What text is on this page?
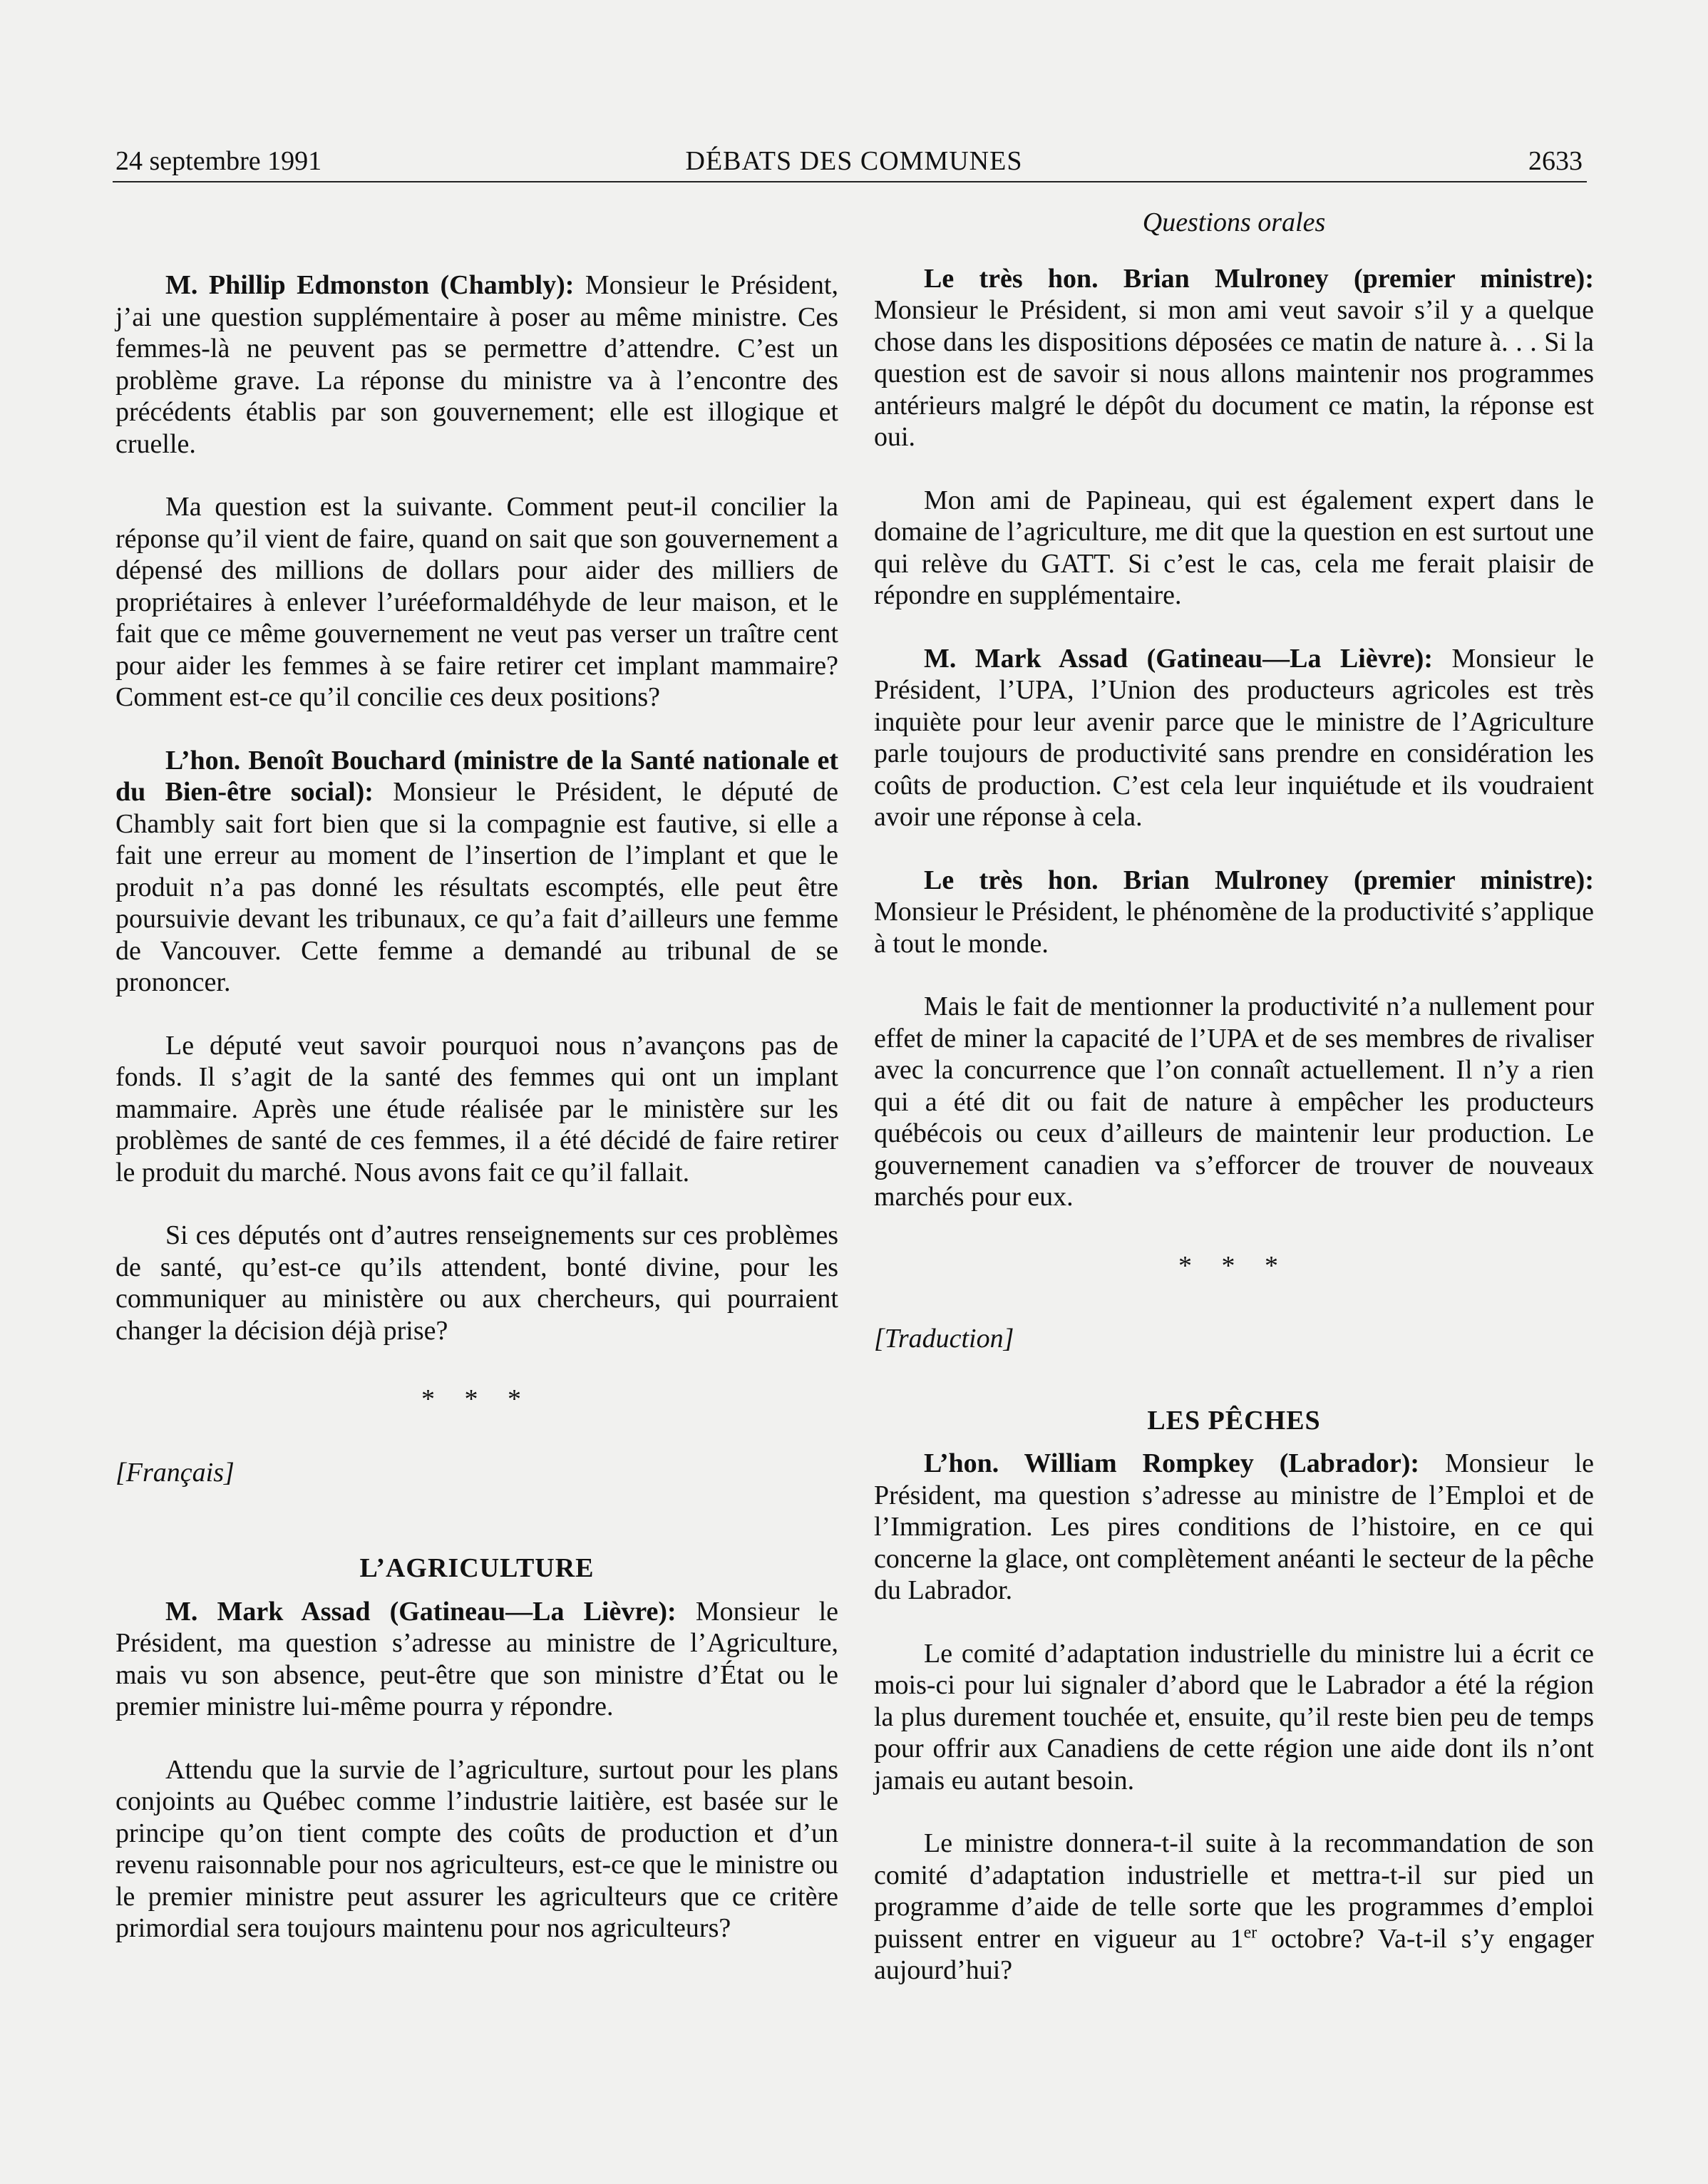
DÉBATS DES COMMUNES
24 septembre 1991	2633

M. Phillip Edmonston (Chambly): Monsieur le Président, j’ai une question supplémentaire à poser au même ministre. Ces femmes-là ne peuvent pas se permettre d’attendre. C’est un problème grave. La réponse du ministre va à l’encontre des précédents établis par son gouvernement; elle est illogique et cruelle.

Ma question est la suivante. Comment peut-il concilier la réponse qu’il vient de faire, quand on sait que son gouvernement a dépensé des millions de dollars pour aider des milliers de propriétaires à enlever l’uréeformaldéhyde de leur maison, et le fait que ce même gouvernement ne veut pas verser un traître cent pour aider les femmes à se faire retirer cet implant mammaire? Comment est-ce qu’il concilie ces deux positions?

L’hon. Benoît Bouchard (ministre de la Santé nationale et du Bien-être social): Monsieur le Président, le député de Chambly sait fort bien que si la compagnie est fautive, si elle a fait une erreur au moment de l’insertion de l’implant et que le produit n’a pas donné les résultats escomptés, elle peut être poursuivie devant les tribunaux, ce qu’a fait d’ailleurs une femme de Vancouver. Cette femme a demandé au tribunal de se prononcer.

Le député veut savoir pourquoi nous n’avançons pas de fonds. Il s’agit de la santé des femmes qui ont un implant mammaire. Après une étude réalisée par le ministère sur les problèmes de santé de ces femmes, il a été décidé de faire retirer le produit du marché. Nous avons fait ce qu’il fallait.

Si ces députés ont d’autres renseignements sur ces problèmes de santé, qu’est-ce qu’ils attendent, bonté divine, pour les communiquer au ministère ou aux chercheurs, qui pourraient changer la décision déjà prise?

* * *
[Français]
L’AGRICULTURE

M. Mark Assad (Gatineau—La Lièvre): Monsieur le Président, ma question s’adresse au ministre de l’Agriculture, mais vu son absence, peut-être que son ministre d’État ou le premier ministre lui-même pourra y répondre.

Attendu que la survie de l’agriculture, surtout pour les plans conjoints au Québec comme l’industrie laitière, est basée sur le principe qu’on tient compte des coûts de production et d’un revenu raisonnable pour nos agriculteurs, est-ce que le ministre ou le premier ministre peut assurer les agriculteurs que ce critère primordial sera toujours maintenu pour nos agriculteurs?

Questions orales

Le très hon. Brian Mulroney (premier ministre): Monsieur le Président, si mon ami veut savoir s’il y a quelque chose dans les dispositions déposées ce matin de nature à. . . Si la question est de savoir si nous allons maintenir nos programmes antérieurs malgré le dépôt du document ce matin, la réponse est oui.

Mon ami de Papineau, qui est également expert dans le domaine de l’agriculture, me dit que la question en est surtout une qui relève du GATT. Si c’est le cas, cela me ferait plaisir de répondre en supplémentaire.

M. Mark Assad (Gatineau—La Lièvre): Monsieur le Président, l’UPA, l’Union des producteurs agricoles est très inquiète pour leur avenir parce que le ministre de l’Agriculture parle toujours de productivité sans prendre en considération les coûts de production. C’est cela leur inquiétude et ils voudraient avoir une réponse à cela.

Le très hon. Brian Mulroney (premier ministre): Monsieur le Président, le phénomène de la productivité s’applique à tout le monde.

Mais le fait de mentionner la productivité n’a nullement pour effet de miner la capacité de l’UPA et de ses membres de rivaliser avec la concurrence que l’on connaît actuellement. Il n’y a rien qui a été dit ou fait de nature à empêcher les producteurs québécois ou ceux d’ailleurs de maintenir leur production. Le gouvernement canadien va s’efforcer de trouver de nouveaux marchés pour eux.

* * *
[Traduction]
LES PÊCHES

L’hon. William Rompkey (Labrador): Monsieur le Président, ma question s’adresse au ministre de l’Emploi et de l’Immigration. Les pires conditions de l’histoire, en ce qui concerne la glace, ont complètement anéanti le secteur de la pêche du Labrador.

Le comité d’adaptation industrielle du ministre lui a écrit ce mois-ci pour lui signaler d’abord que le Labrador a été la région la plus durement touchée et, ensuite, qu’il reste bien peu de temps pour offrir aux Canadiens de cette région une aide dont ils n’ont jamais eu autant besoin.

Le ministre donnera-t-il suite à la recommandation de son comité d’adaptation industrielle et mettra-t-il sur pied un programme d’aide de telle sorte que les programmes d’emploi puissent entrer en vigueur au 1er octobre? Va-t-il s’y engager aujourd’hui?
